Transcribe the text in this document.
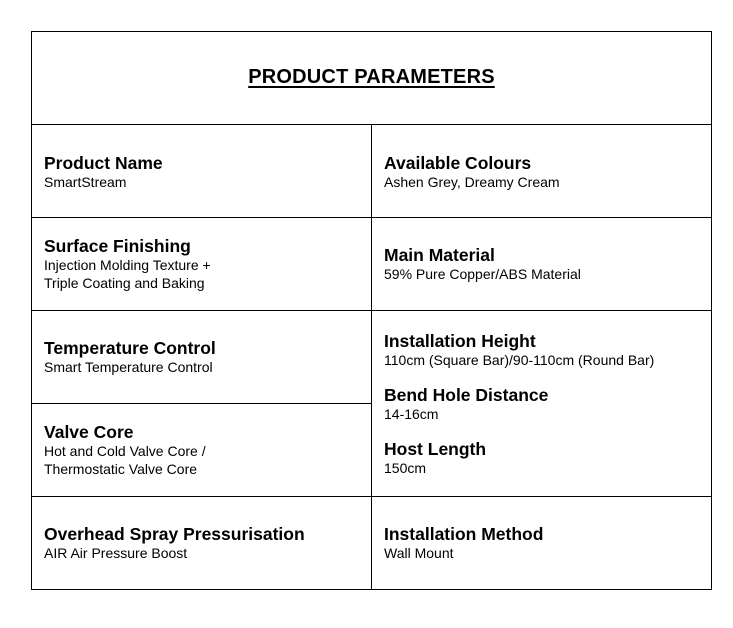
PRODUCT PARAMETERS
Product Name
SmartStream
Surface Finishing
Injection Molding Texture +
Triple Coating and Baking
Temperature Control
Smart Temperature Control
Valve Core
Hot and Cold Valve Core /
Thermostatic Valve Core
Overhead Spray Pressurisation
AIR Air Pressure Boost
Available Colours
Ashen Grey, Dreamy Cream
Main Material
59% Pure Copper/ABS Material
Installation Height
110cm (Square Bar)/90-110cm (Round Bar)
Bend Hole Distance
14-16cm
Host Length
150cm
Installation Method
Wall Mount
